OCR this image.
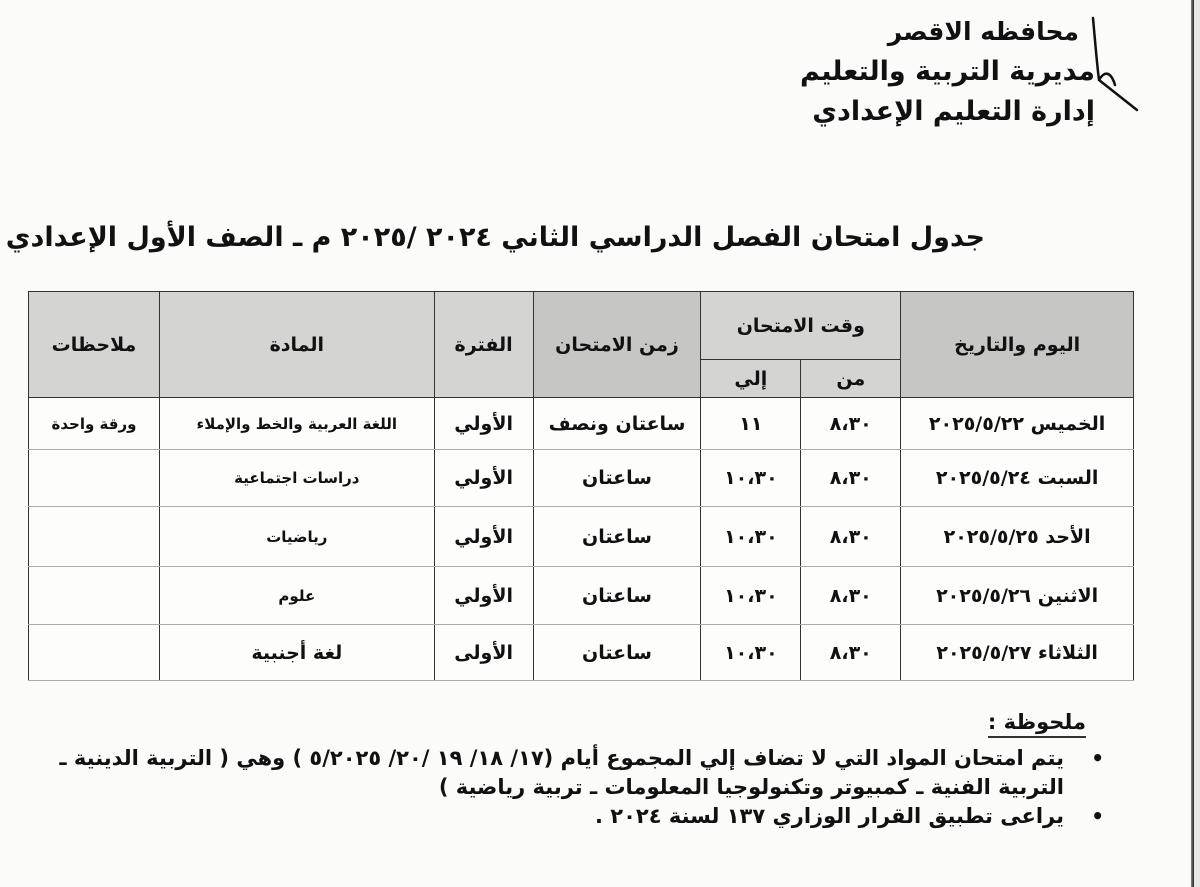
محافظه الاقصر
مديرية التربية والتعليم
إدارة التعليم الإعدادي
جدول امتحان الفصل الدراسي الثاني ٢٠٢٤ /٢٠٢٥ م ـ الصف الأول الإعدادي
اليوم والتاريخ	وقت الامتحان		زمن الامتحان	الفترة	المادة	ملاحظات
	من	إلي				
الخميس ٢٠٢٥/٥/٢٢	٨،٣٠	١١	ساعتان ونصف	الأولي	اللغة العربية والخط والإملاء	ورقة واحدة
السبت ٢٠٢٥/٥/٢٤	٨،٣٠	١٠،٣٠	ساعتان	الأولي	دراسات اجتماعية	
الأحد ٢٠٢٥/٥/٢٥	٨،٣٠	١٠،٣٠	ساعتان	الأولي	رياضيات	
الاثنين ٢٠٢٥/٥/٢٦	٨،٣٠	١٠،٣٠	ساعتان	الأولي	علوم	
الثلاثاء ٢٠٢٥/٥/٢٧	٨،٣٠	١٠،٣٠	ساعتان	الأولى	لغة أجنبية	
ملحوظة :
•
يتم امتحان المواد التي لا تضاف إلي المجموع أيام (١٧/ ١٨/ ١٩ /٢٠/ ٥/٢٠٢٥ ) وهي ( التربية الدينية ـ التربية الفنية ـ كمبيوتر وتكنولوجيا المعلومات ـ تربية رياضية )
•
يراعى تطبيق القرار الوزاري ١٣٧ لسنة ٢٠٢٤ .
